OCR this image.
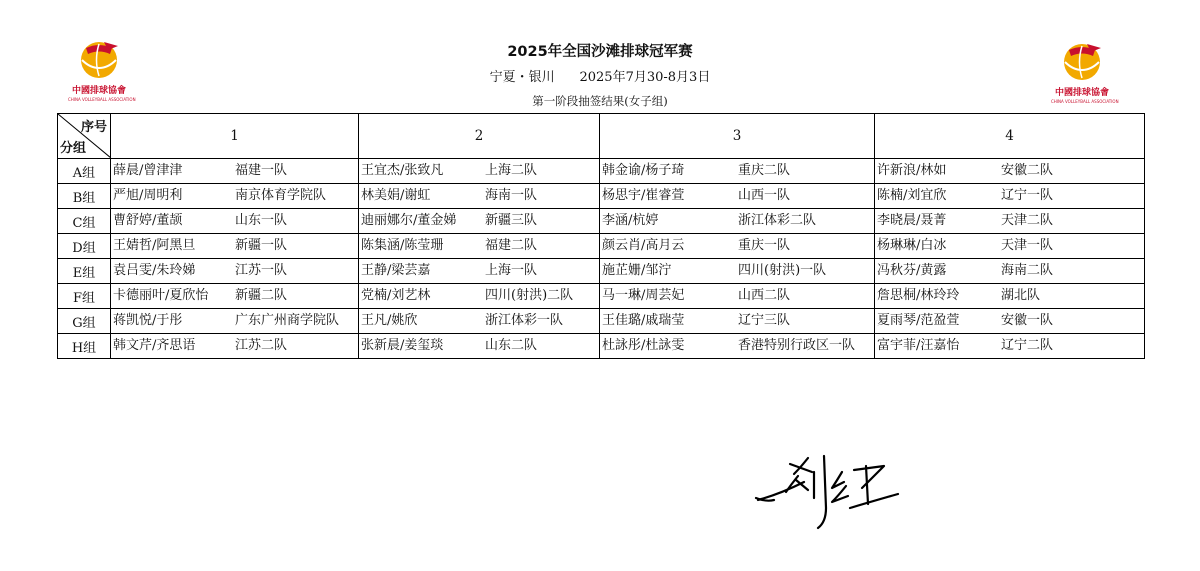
中國排球協會
CHINA VOLLEYBALL ASSOCIATION
中國排球協會
CHINA VOLLEYBALL ASSOCIATION
2025年全国沙滩排球冠军赛
宁夏・银川 2025年7月30-8月3日
第一阶段抽签结果(女子组)
序号
分组	1	2	3	4
A组	薛晨/曾津津 福建一队	王宜杰/张致凡 上海二队	韩金谕/杨子琦 重庆二队	许新浪/林如 安徽二队

B组	严旭/周明利 南京体育学院队	林美娟/谢虹 海南一队	杨思宇/崔睿萱 山西一队	陈楠/刘宜欣 辽宁一队

C组	曹舒婷/董颉 山东一队	迪丽娜尔/董金娣 新疆三队	李涵/杭婷 浙江体彩二队	李晓晨/聂菁 天津二队

D组	王婧哲/阿黑旦 新疆一队	陈集涵/陈莹珊 福建二队	颜云肖/高月云 重庆一队	杨琳琳/白冰 天津一队

E组	袁吕雯/朱玲娣 江苏一队	王静/梁芸嘉 上海一队	施芷姗/邹泞 四川(射洪)一队	冯秋芬/黄露 海南二队

F组	卡德丽叶/夏欣怡 新疆二队	党楠/刘艺林 四川(射洪)二队	马一琳/周芸妃 山西二队	詹思桐/林玲玲 湖北队

G组	蒋凯悦/于彤 广东广州商学院队	王凡/姚欣 浙江体彩一队	王佳璐/戚瑞莹 辽宁三队	夏雨琴/范盈萱 安徽一队

H组	韩文芹/齐思语 江苏二队	张新晨/姜玺琰 山东二队	杜詠彤/杜詠雯 香港特别行政区一队	富宇菲/汪嘉怡 辽宁二队
